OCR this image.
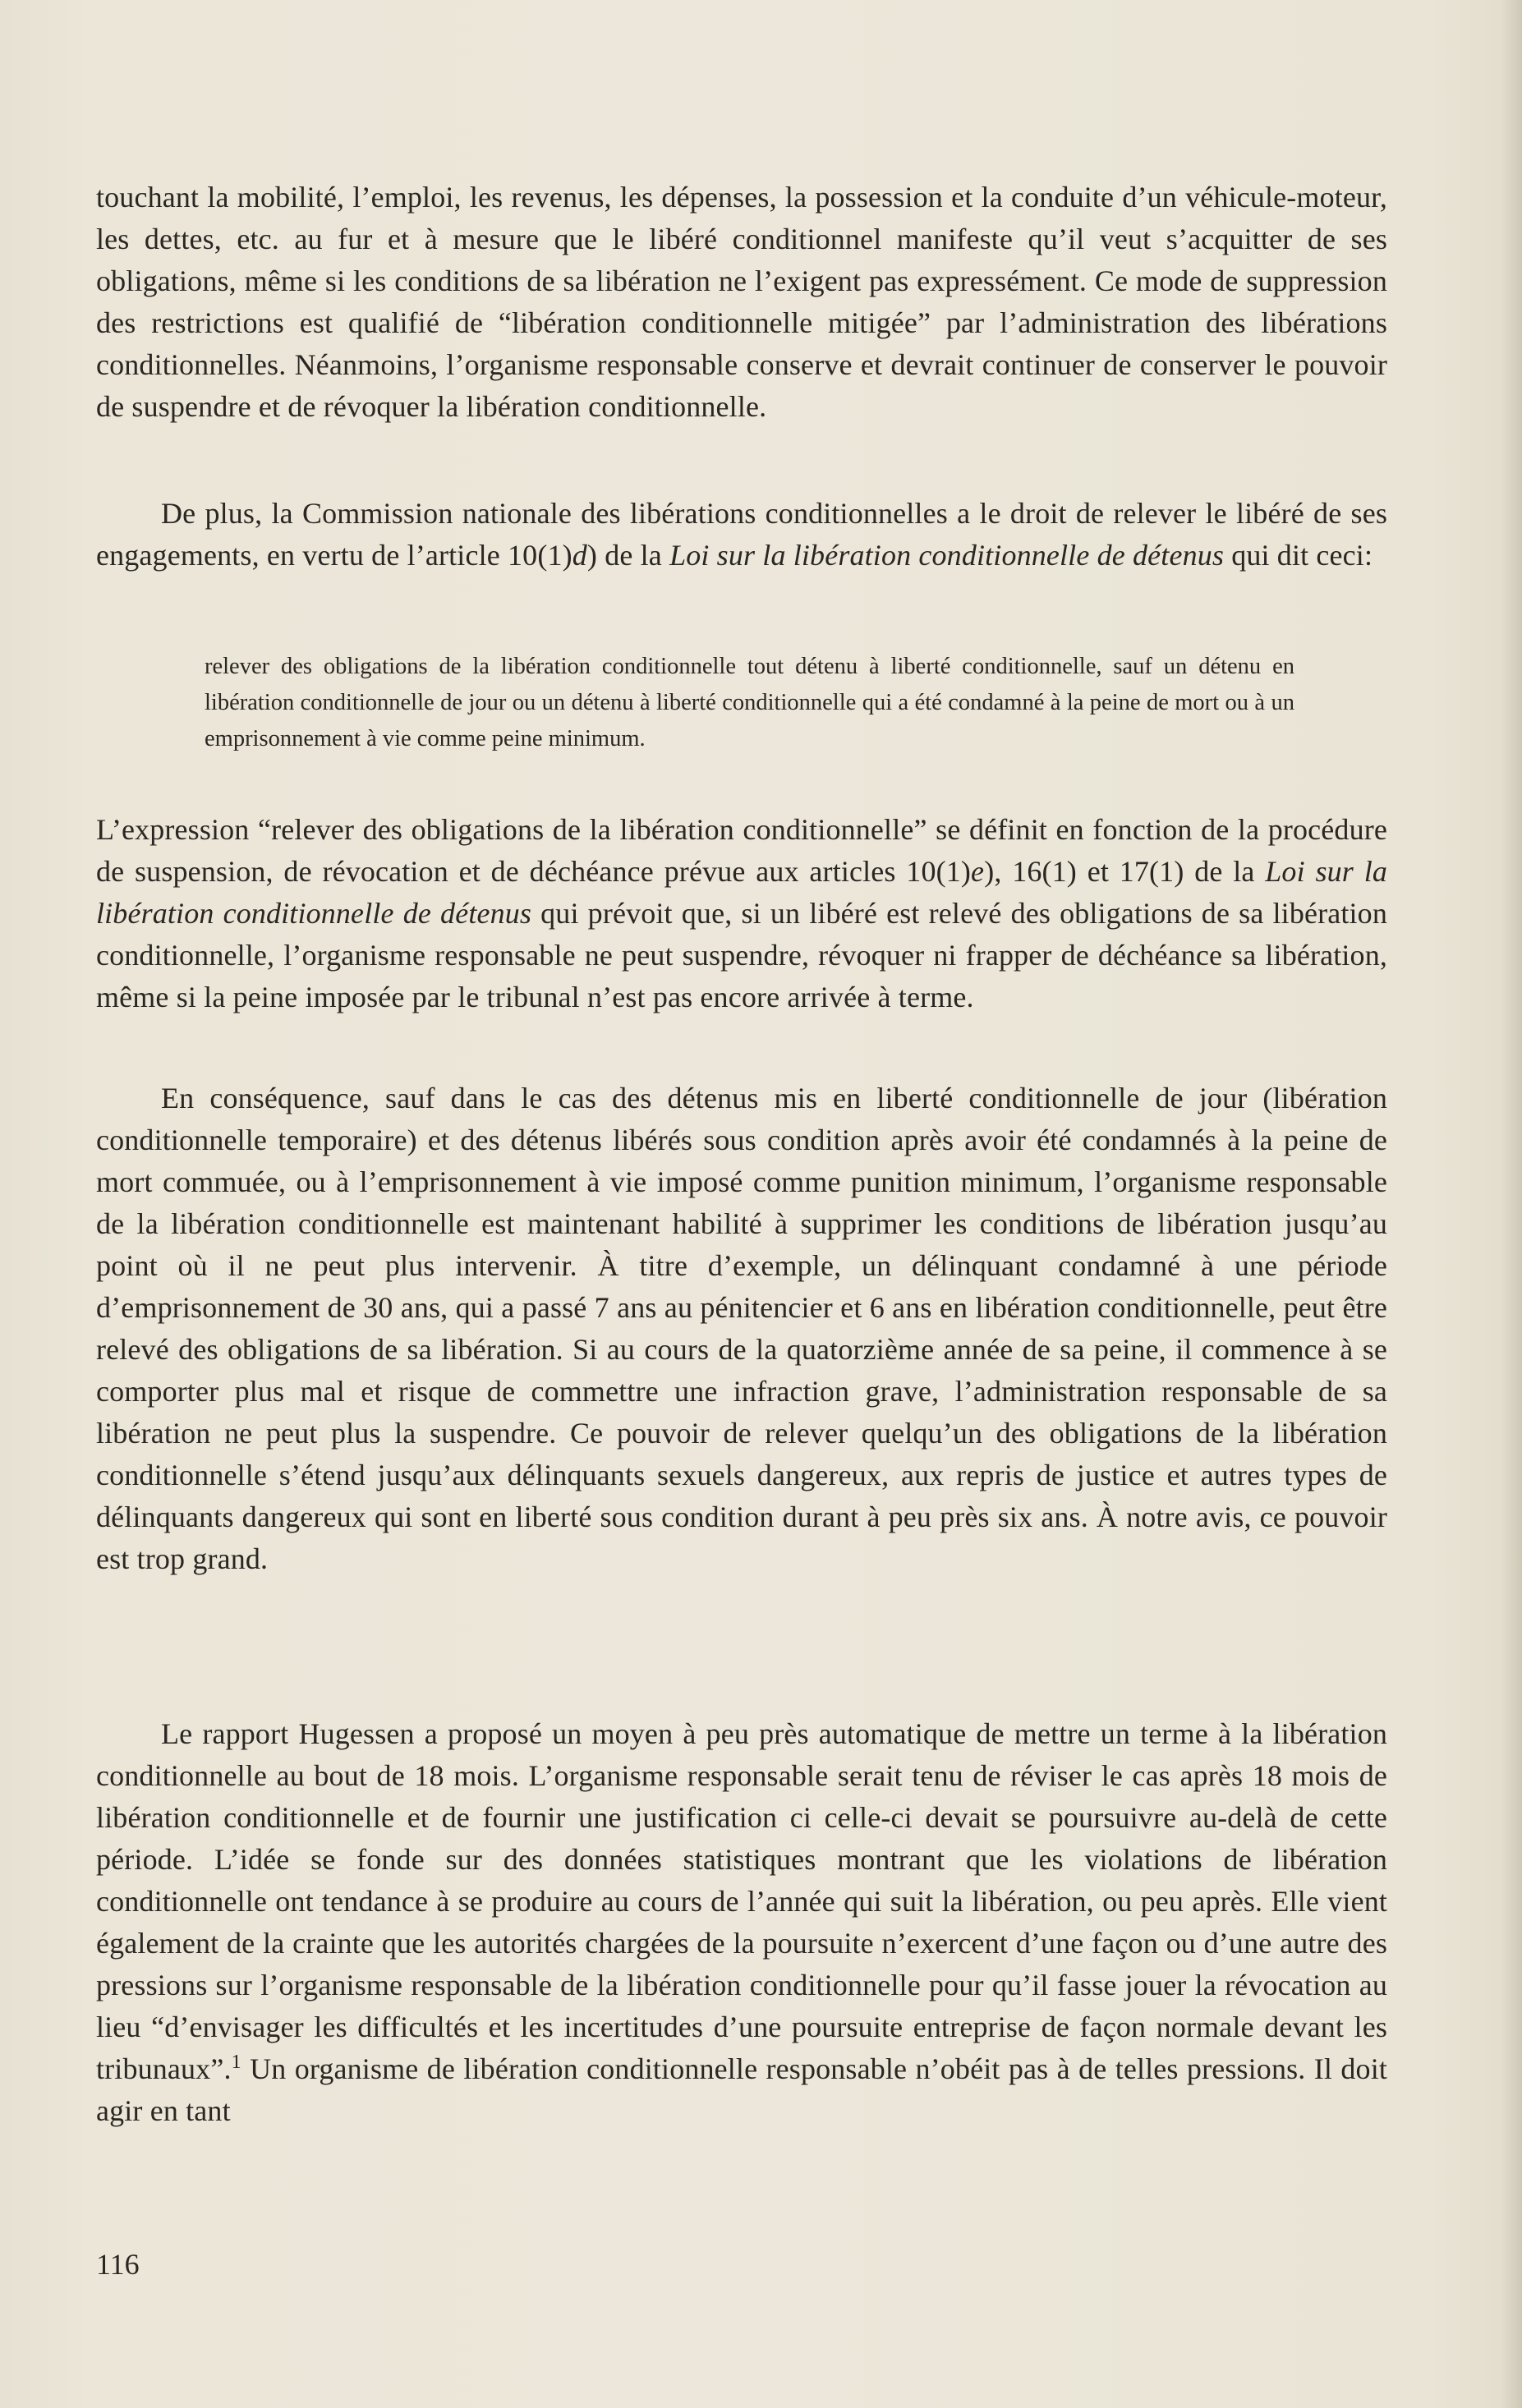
touchant la mobilité, l’emploi, les revenus, les dépenses, la possession et la conduite d’un véhicule-moteur, les dettes, etc. au fur et à mesure que le libéré conditionnel manifeste qu’il veut s’acquitter de ses obligations, même si les conditions de sa libération ne l’exigent pas expressément. Ce mode de suppression des restrictions est qualifié de “libération conditionnelle mitigée” par l’administration des libérations conditionnelles. Néanmoins, l’organisme responsable conserve et devrait continuer de conserver le pouvoir de suspendre et de révoquer la libération conditionnelle.

De plus, la Commission nationale des libérations conditionnelles a le droit de relever le libéré de ses engagements, en vertu de l’article 10(1)d) de la Loi sur la libération conditionnelle de détenus qui dit ceci:

relever des obligations de la libération conditionnelle tout détenu à liberté conditionnelle, sauf un détenu en libération conditionnelle de jour ou un détenu à liberté conditionnelle qui a été condamné à la peine de mort ou à un emprisonnement à vie comme peine minimum.

L’expression “relever des obligations de la libération conditionnelle” se définit en fonction de la procédure de suspension, de révocation et de déchéance prévue aux articles 10(1)e), 16(1) et 17(1) de la Loi sur la libération conditionnelle de détenus qui prévoit que, si un libéré est relevé des obligations de sa libération conditionnelle, l’organisme responsable ne peut suspendre, révoquer ni frapper de déchéance sa libération, même si la peine imposée par le tribunal n’est pas encore arrivée à terme.

En conséquence, sauf dans le cas des détenus mis en liberté conditionnelle de jour (libération conditionnelle temporaire) et des détenus libérés sous condition après avoir été condamnés à la peine de mort commuée, ou à l’emprisonnement à vie imposé comme punition minimum, l’organisme responsable de la libération conditionnelle est maintenant habilité à supprimer les conditions de libération jusqu’au point où il ne peut plus intervenir. À titre d’exemple, un délinquant condamné à une période d’emprisonnement de 30 ans, qui a passé 7 ans au pénitencier et 6 ans en libération conditionnelle, peut être relevé des obligations de sa libération. Si au cours de la quatorzième année de sa peine, il commence à se comporter plus mal et risque de commettre une infraction grave, l’administration responsable de sa libération ne peut plus la suspendre. Ce pouvoir de relever quelqu’un des obligations de la libération conditionnelle s’étend jusqu’aux délinquants sexuels dangereux, aux repris de justice et autres types de délinquants dangereux qui sont en liberté sous condition durant à peu près six ans. À notre avis, ce pouvoir est trop grand.

Le rapport Hugessen a proposé un moyen à peu près automatique de mettre un terme à la libération conditionnelle au bout de 18 mois. L’organisme responsable serait tenu de réviser le cas après 18 mois de libération conditionnelle et de fournir une justification ci celle-ci devait se poursuivre au-delà de cette période. L’idée se fonde sur des données statistiques montrant que les violations de libération conditionnelle ont tendance à se produire au cours de l’année qui suit la libération, ou peu après. Elle vient également de la crainte que les autorités chargées de la poursuite n’exercent d’une façon ou d’une autre des pressions sur l’organisme responsable de la libération conditionnelle pour qu’il fasse jouer la révocation au lieu “d’envisager les difficultés et les incertitudes d’une poursuite entreprise de façon normale devant les tribunaux”.$^1$ Un organisme de libération conditionnelle responsable n’obéit pas à de telles pressions. Il doit agir en tant

116
